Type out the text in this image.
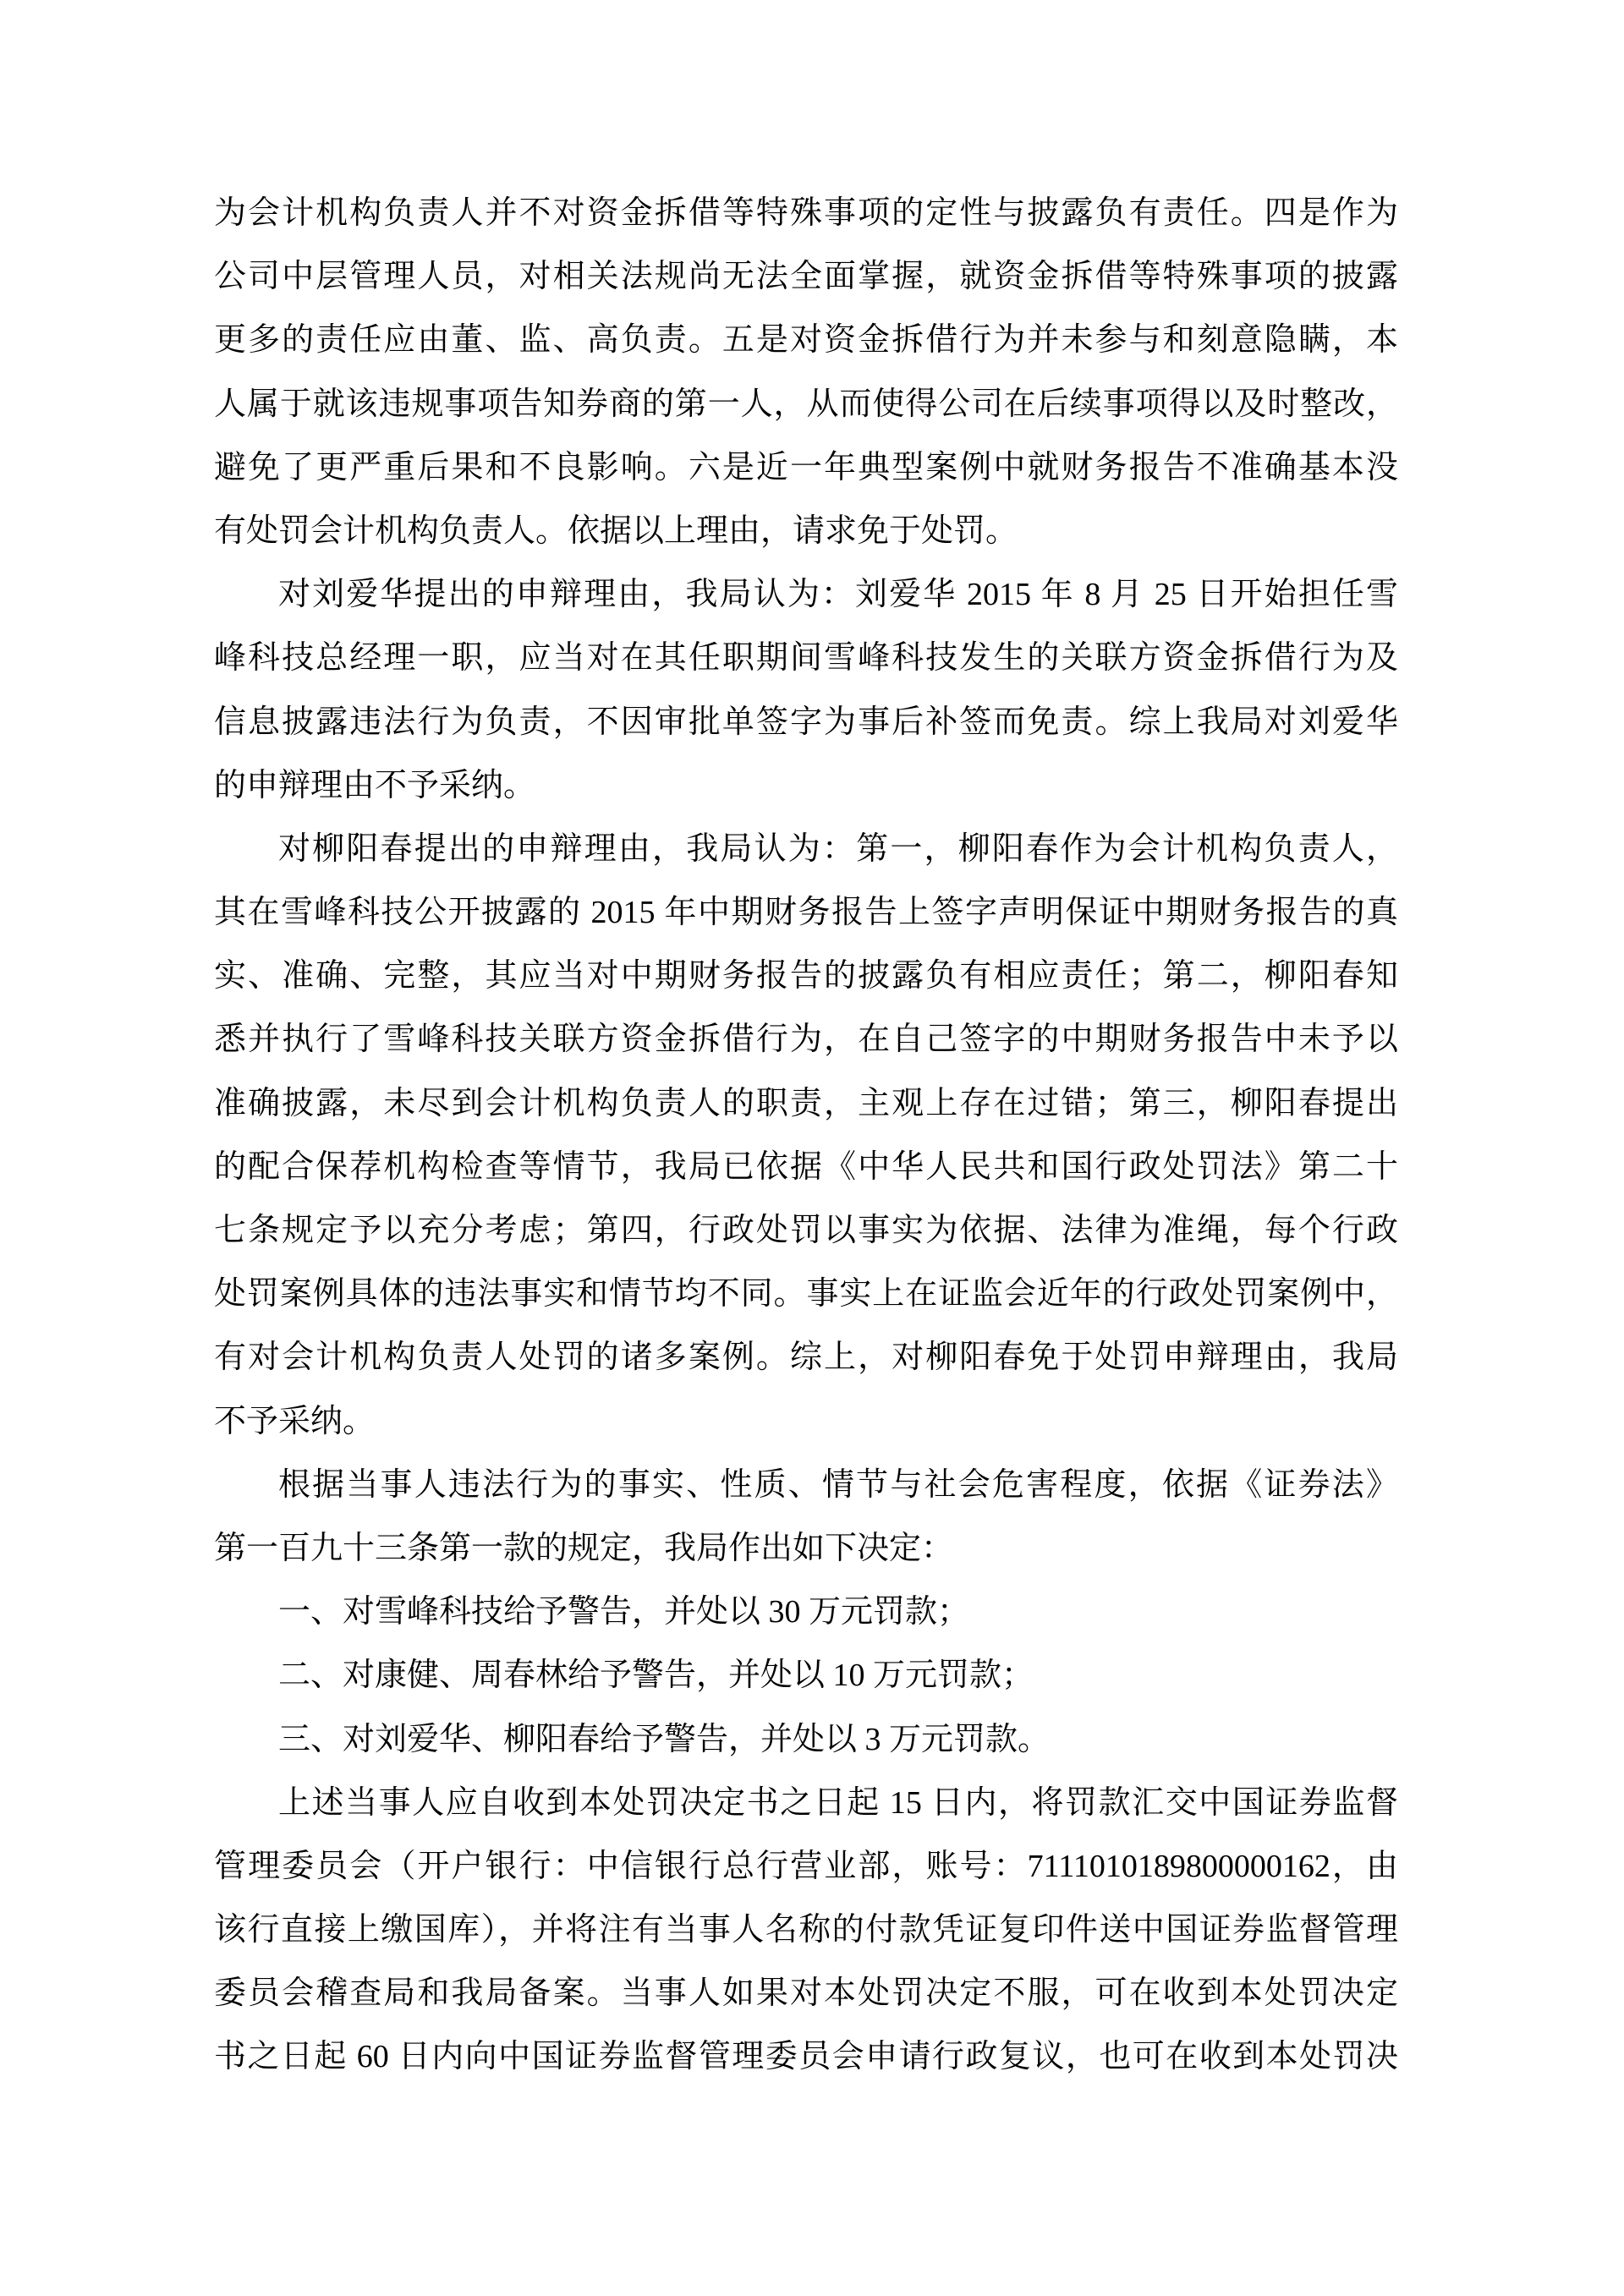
为会计机构负责人并不对资金拆借等特殊事项的定性与披露负有责任。四是作为
公司中层管理人员，对相关法规尚无法全面掌握，就资金拆借等特殊事项的披露
更多的责任应由董、监、高负责。五是对资金拆借行为并未参与和刻意隐瞒，本
人属于就该违规事项告知券商的第一人，从而使得公司在后续事项得以及时整改，
避免了更严重后果和不良影响。六是近一年典型案例中就财务报告不准确基本没
有处罚会计机构负责人。依据以上理由，请求免于处罚。
对刘爱华提出的申辩理由，我局认为：刘爱华 2015 年 8 月 25 日开始担任雪
峰科技总经理一职，应当对在其任职期间雪峰科技发生的关联方资金拆借行为及
信息披露违法行为负责，不因审批单签字为事后补签而免责。综上我局对刘爱华
的申辩理由不予采纳。
对柳阳春提出的申辩理由，我局认为：第一，柳阳春作为会计机构负责人，
其在雪峰科技公开披露的 2015 年中期财务报告上签字声明保证中期财务报告的真
实、准确、完整，其应当对中期财务报告的披露负有相应责任；第二，柳阳春知
悉并执行了雪峰科技关联方资金拆借行为，在自己签字的中期财务报告中未予以
准确披露，未尽到会计机构负责人的职责，主观上存在过错；第三，柳阳春提出
的配合保荐机构检查等情节，我局已依据《中华人民共和国行政处罚法》第二十
七条规定予以充分考虑；第四，行政处罚以事实为依据、法律为准绳，每个行政
处罚案例具体的违法事实和情节均不同。事实上在证监会近年的行政处罚案例中，
有对会计机构负责人处罚的诸多案例。综上，对柳阳春免于处罚申辩理由，我局
不予采纳。
根据当事人违法行为的事实、性质、情节与社会危害程度，依据《证券法》
第一百九十三条第一款的规定，我局作出如下决定：
一、对雪峰科技给予警告，并处以 30 万元罚款；
二、对康健、周春林给予警告，并处以 10 万元罚款；
三、对刘爱华、柳阳春给予警告，并处以 3 万元罚款。
上述当事人应自收到本处罚决定书之日起 15 日内，将罚款汇交中国证券监督
管理委员会（开户银行：中信银行总行营业部，账号：7111010189800000162，由
该行直接上缴国库），并将注有当事人名称的付款凭证复印件送中国证券监督管理
委员会稽查局和我局备案。当事人如果对本处罚决定不服，可在收到本处罚决定
书之日起 60 日内向中国证券监督管理委员会申请行政复议，也可在收到本处罚决
